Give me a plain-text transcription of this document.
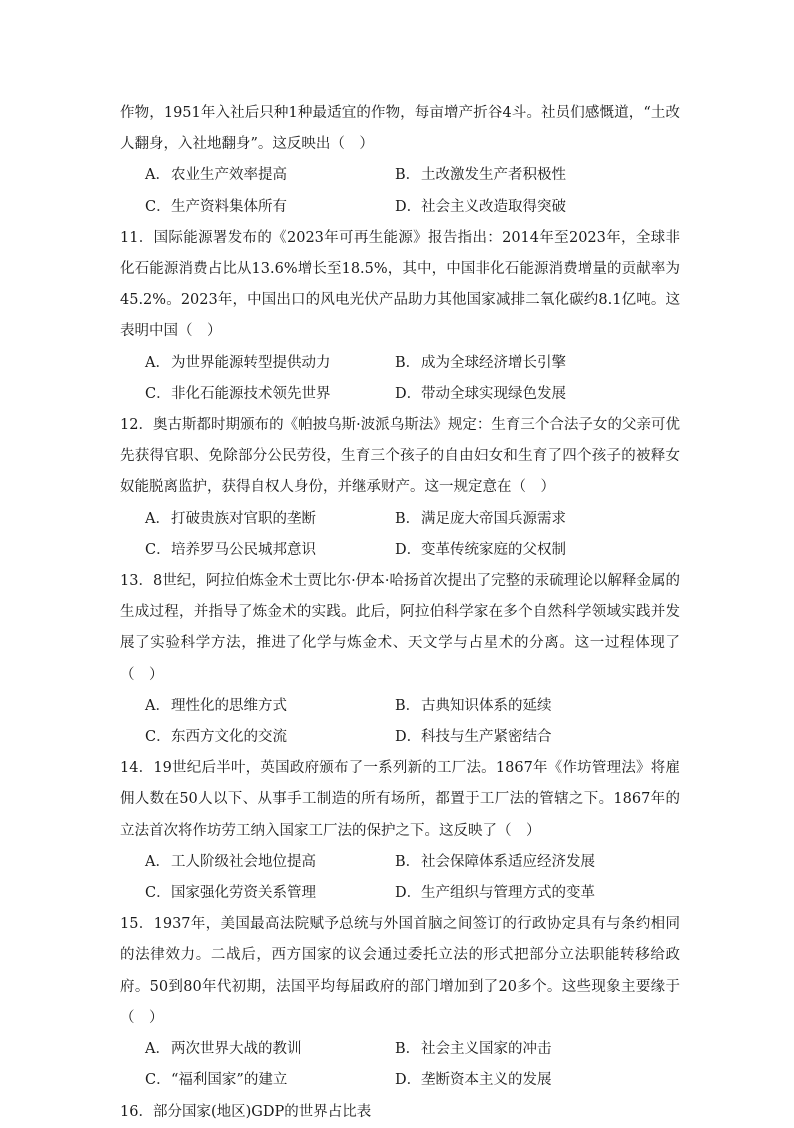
作物，1951年入社后只种1种最适宜的作物，每亩增产折谷4斗。社员们感慨道，“土改人翻身，入社地翻身”。这反映出（　）

A．农业生产效率提高	B．土改激发生产者积极性
C．生产资料集体所有	D．社会主义改造取得突破

11．国际能源署发布的《2023年可再生能源》报告指出：2014年至2023年，全球非化石能源消费占比从13.6%增长至18.5%，其中，中国非化石能源消费增量的贡献率为45.2%。2023年，中国出口的风电光伏产品助力其他国家减排二氧化碳约8.1亿吨。这表明中国（　）

A．为世界能源转型提供动力	B．成为全球经济增长引擎
C．非化石能源技术领先世界	D．带动全球实现绿色发展

12．奥古斯都时期颁布的《帕披乌斯·波派乌斯法》规定：生育三个合法子女的父亲可优先获得官职、免除部分公民劳役，生育三个孩子的自由妇女和生育了四个孩子的被释女奴能脱离监护，获得自权人身份，并继承财产。这一规定意在（　）

A．打破贵族对官职的垄断	B．满足庞大帝国兵源需求
C．培养罗马公民城邦意识	D．变革传统家庭的父权制

13．8世纪，阿拉伯炼金术士贾比尔·伊本·哈扬首次提出了完整的汞硫理论以解释金属的生成过程，并指导了炼金术的实践。此后，阿拉伯科学家在多个自然科学领域实践并发展了实验科学方法，推进了化学与炼金术、天文学与占星术的分离。这一过程体现了（　）

A．理性化的思维方式	B．古典知识体系的延续
C．东西方文化的交流	D．科技与生产紧密结合

14．19世纪后半叶，英国政府颁布了一系列新的工厂法。1867年《作坊管理法》将雇佣人数在50人以下、从事手工制造的所有场所，都置于工厂法的管辖之下。1867年的立法首次将作坊劳工纳入国家工厂法的保护之下。这反映了（　）

A．工人阶级社会地位提高	B．社会保障体系适应经济发展
C．国家强化劳资关系管理	D．生产组织与管理方式的变革

15．1937年，美国最高法院赋予总统与外国首脑之间签订的行政协定具有与条约相同的法律效力。二战后，西方国家的议会通过委托立法的形式把部分立法职能转移给政府。50到80年代初期，法国平均每届政府的部门增加到了20多个。这些现象主要缘于（　）

A．两次世界大战的教训	B．社会主义国家的冲击
C．“福利国家”的建立	D．垄断资本主义的发展

16．部分国家(地区)GDP的世界占比表
